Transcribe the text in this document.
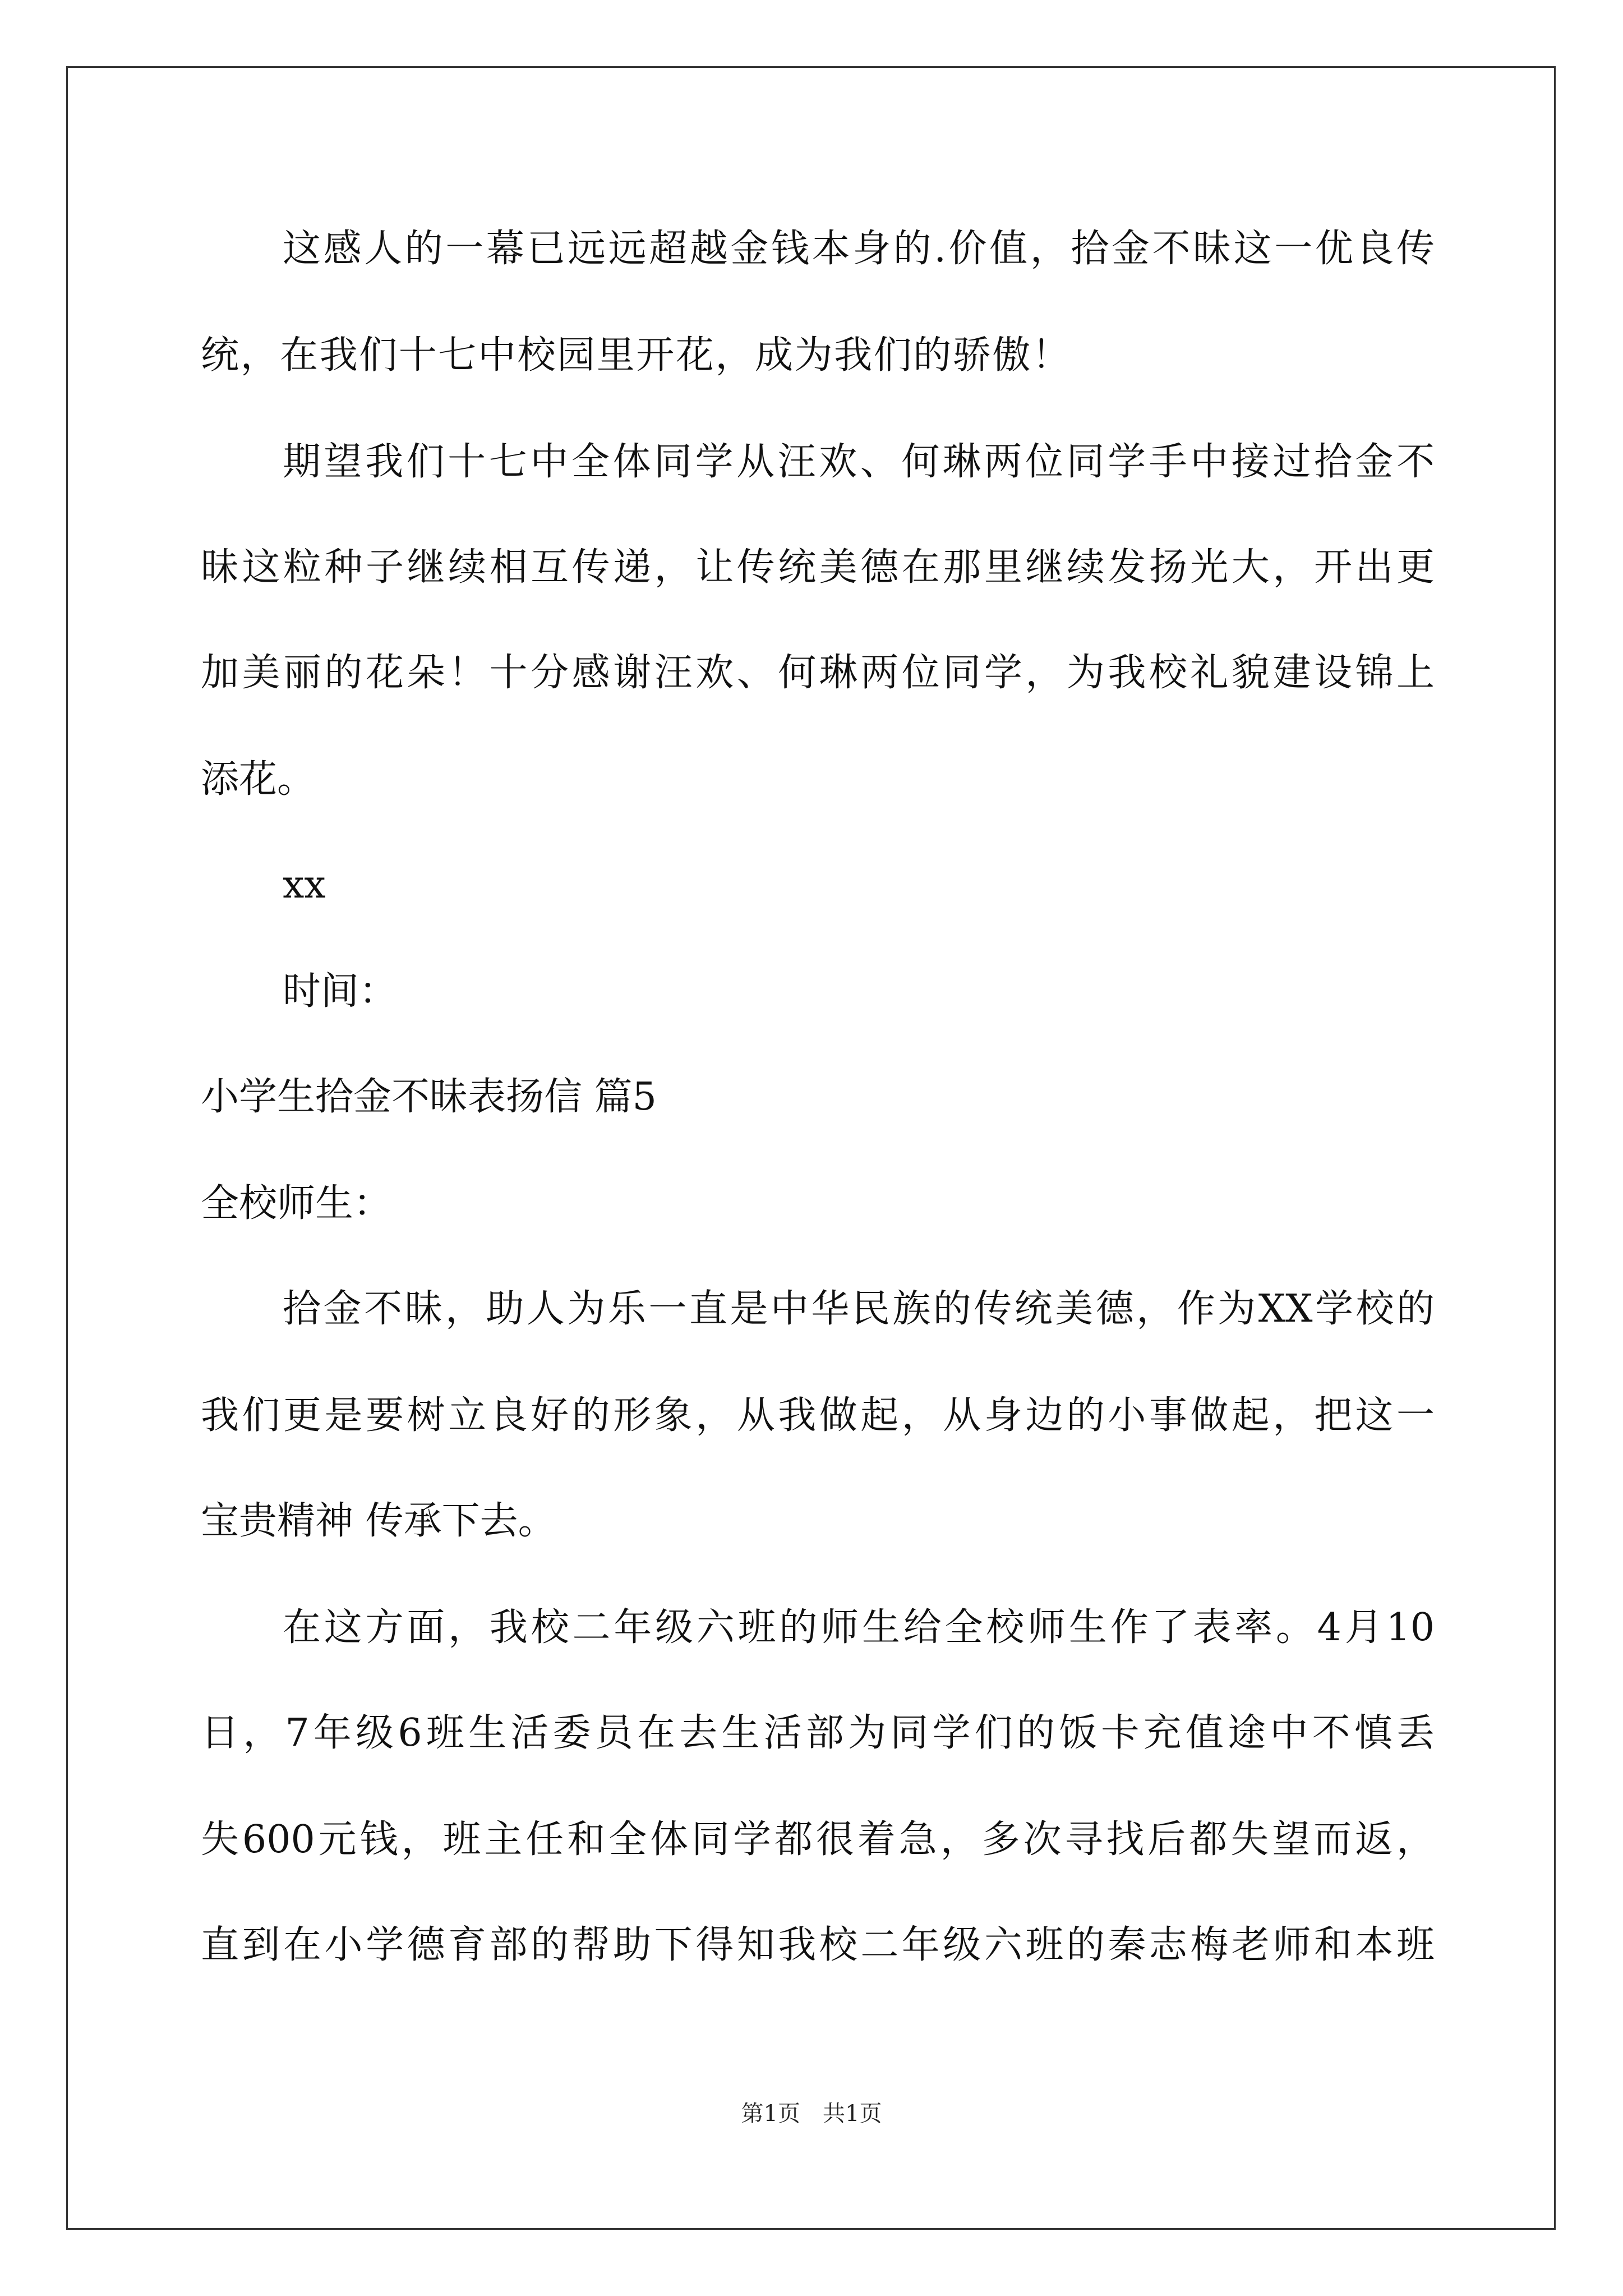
这感人的一幕已远远超越金钱本身的.价值，拾金不昧这一优良传
统，在我们十七中校园里开花，成为我们的骄傲！
期望我们十七中全体同学从汪欢、何琳两位同学手中接过拾金不
昧这粒种子继续相互传递，让传统美德在那里继续发扬光大，开出更
加美丽的花朵！十分感谢汪欢、何琳两位同学，为我校礼貌建设锦上
添花。
xx
时间：
小学生拾金不昧表扬信 篇5
全校师生：
拾金不昧，助人为乐一直是中华民族的传统美德，作为XX学校的
我们更是要树立良好的形象，从我做起，从身边的小事做起，把这一
宝贵精神 传承下去。
在这方面，我校二年级六班的师生给全校师生作了表率。4月10
日，7年级6班生活委员在去生活部为同学们的饭卡充值途中不慎丢
失600元钱，班主任和全体同学都很着急，多次寻找后都失望而返，
直到在小学德育部的帮助下得知我校二年级六班的秦志梅老师和本班
第1页　共1页
